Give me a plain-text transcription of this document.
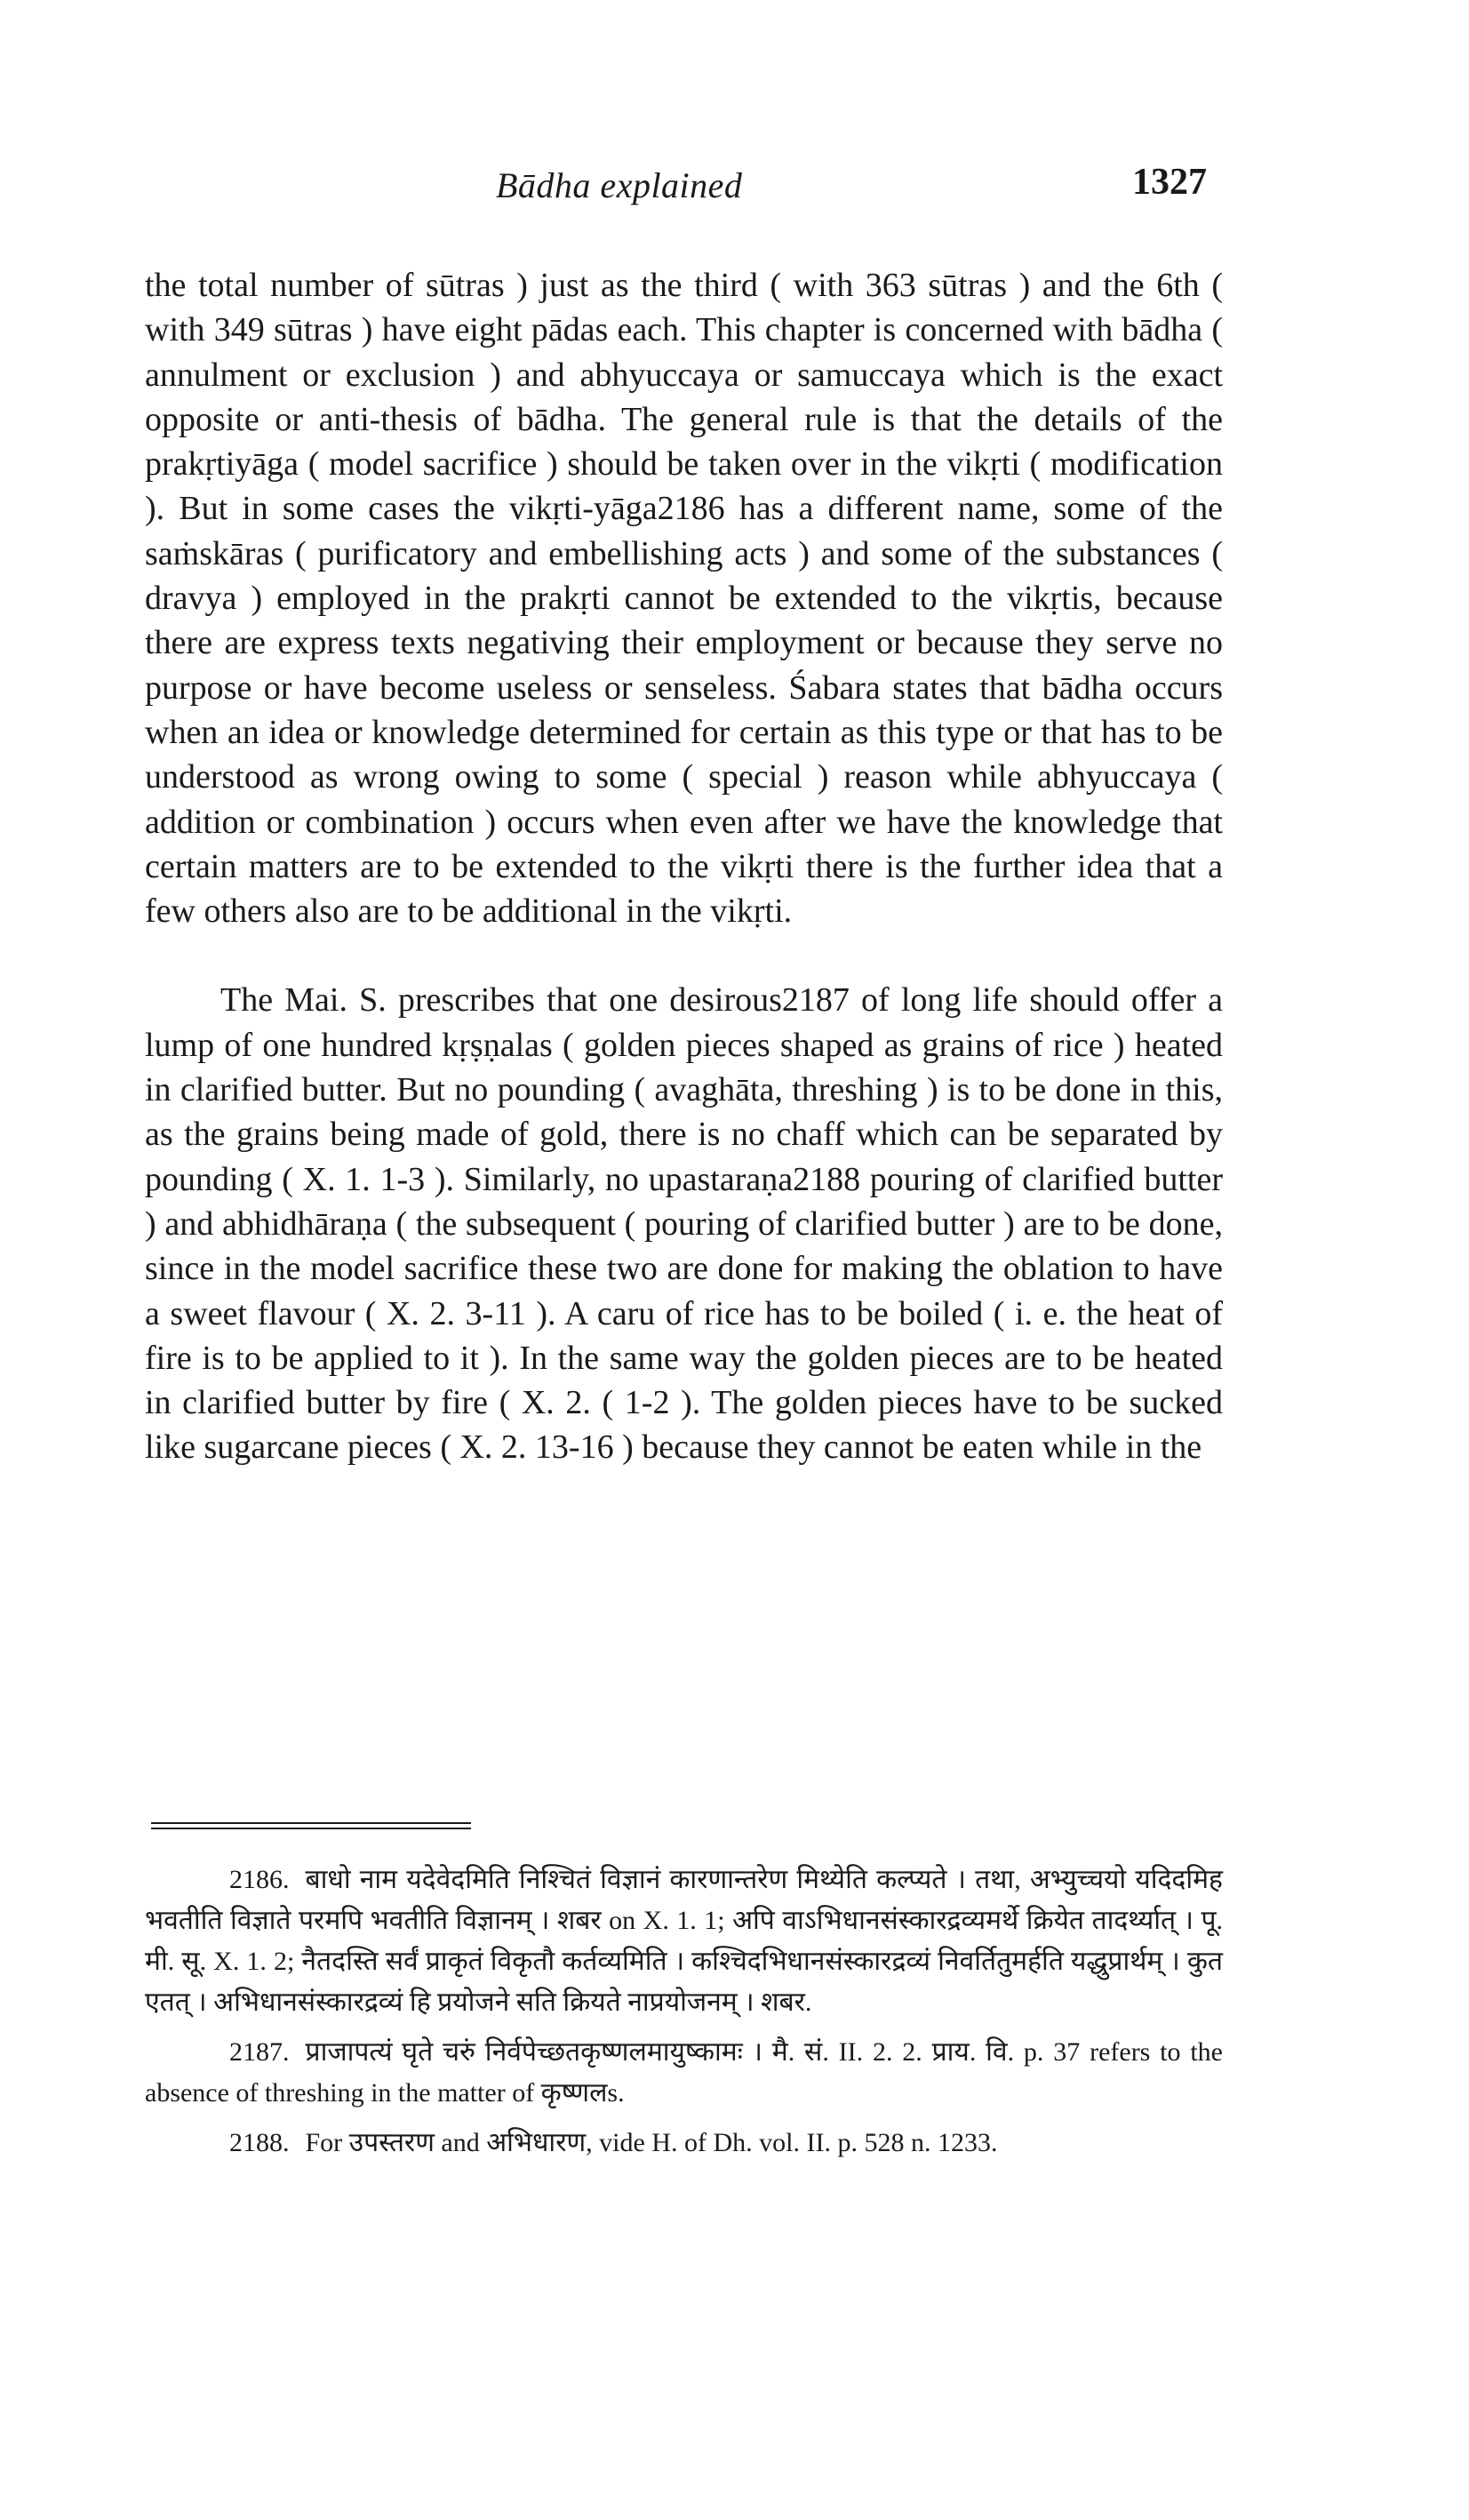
Bādha explained	1327

the total number of sūtras ) just as the third ( with 363 sūtras ) and the 6th ( with 349 sūtras ) have eight pādas each. This chapter is concerned with bādha ( annulment or exclusion ) and abhyuccaya or samuccaya which is the exact opposite or anti-thesis of bādha. The general rule is that the details of the prakṛtiyāga ( model sacrifice ) should be taken over in the vikṛti ( modification ). But in some cases the vikṛti-yāga2186 has a different name, some of the saṁskāras ( purificatory and embellishing acts ) and some of the substances ( dravya ) employed in the prakṛti cannot be extended to the vikṛtis, because there are express texts negativing their employment or because they serve no purpose or have become useless or senseless. Śabara states that bādha occurs when an idea or knowledge determined for certain as this type or that has to be understood as wrong owing to some ( special ) reason while abhyuccaya ( addition or combination ) occurs when even after we have the knowledge that certain matters are to be extended to the vikṛti there is the further idea that a few others also are to be additional in the vikṛti.

The Mai. S. prescribes that one desirous2187 of long life should offer a lump of one hundred kṛṣṇalas ( golden pieces shaped as grains of rice ) heated in clarified butter. But no pounding ( avaghāta, threshing ) is to be done in this, as the grains being made of gold, there is no chaff which can be separated by pounding ( X. 1. 1-3 ). Similarly, no upastaraṇa2188 pouring of clarified butter ) and abhidhāraṇa ( the subsequent ( pouring of clarified butter ) are to be done, since in the model sacrifice these two are done for making the oblation to have a sweet flavour ( X. 2. 3-11 ). A caru of rice has to be boiled ( i. e. the heat of fire is to be applied to it ). In the same way the golden pieces are to be heated in clarified butter by fire ( X. 2. ( 1-2 ). The golden pieces have to be sucked like sugarcane pieces ( X. 2. 13-16 ) because they cannot be eaten while in the

2186. बाधो नाम यदेवेदमिति निश्चितं विज्ञानं कारणान्तरेण मिथ्येति कल्प्यते । तथा, अभ्युच्चयो यदिदमिह भवतीति विज्ञाते परमपि भवतीति विज्ञानम् । शबर on X. 1. 1; अपि वाऽभिधानसंस्कारद्रव्यमर्थे क्रियेत तादर्थ्यात् । पू. मी. सू. X. 1. 2; नैतदस्ति सर्वं प्राकृतं विकृतौ कर्तव्यमिति । कश्चिदभिधानसंस्कारद्रव्यं निवर्तितुमर्हति यद्धुप्रार्थम् । कुत एतत् । अभिधानसंस्कारद्रव्यं हि प्रयोजने सति क्रियते नाप्रयोजनम् । शबर.

2187. प्राजापत्यं घृते चरुं निर्वपेच्छतकृष्णलमायुष्कामः । मै. सं. II. 2. 2. प्राय. वि. p. 37 refers to the absence of threshing in the matter of कृष्णलs.

2188. For उपस्तरण and अभिधारण, vide H. of Dh. vol. II. p. 528 n. 1233.
